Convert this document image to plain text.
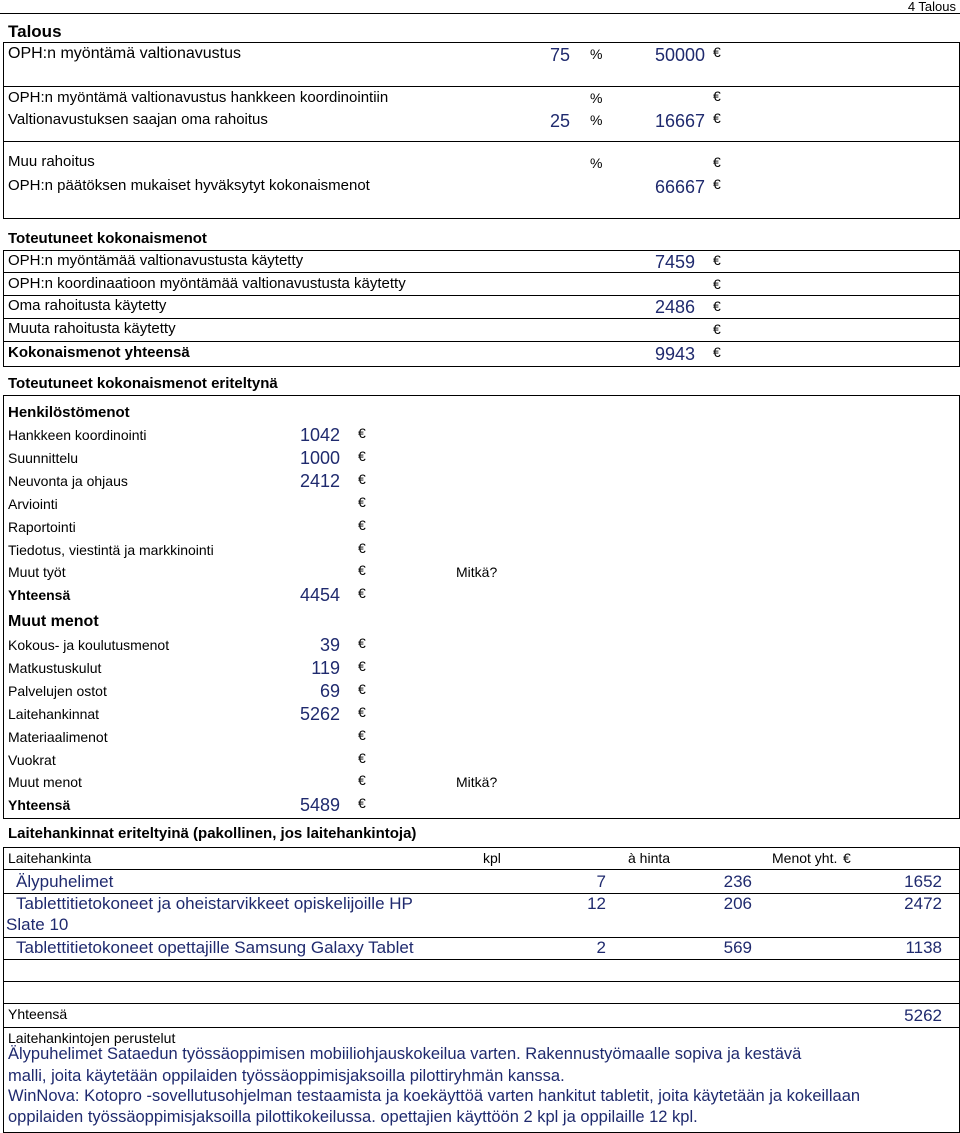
4 Talous
Talous
OPH:n myöntämä valtionavustus	75 %	50000 €
OPH:n myöntämä valtionavustus hankkeen koordinointiin	%	€
Valtionavustuksen saajan oma rahoitus	25 %	16667 €
Muu rahoitus	%	€
OPH:n päätöksen mukaiset hyväksytyt kokonaismenot	66667 €
Toteutuneet kokonaismenot
OPH:n myöntämää valtionavustusta käytetty	7459 €
OPH:n koordinaatioon myöntämää valtionavustusta käytetty	€
Oma rahoitusta käytetty	2486 €
Muuta rahoitusta käytetty	€
Kokonaismenot yhteensä	9943 €
Toteutuneet kokonaismenot eriteltynä
Henkilöstömenot
Hankkeen koordinointi	1042 €
Suunnittelu	1000 €
Neuvonta ja ohjaus	2412 €
Arviointi	€
Raportointi	€
Tiedotus, viestintä ja markkinointi	€
Muut työt	€	Mitkä?
Yhteensä	4454 €
Muut menot
Kokous- ja koulutusmenot	39 €
Matkustuskulut	119 €
Palvelujen ostot	69 €
Laitehankinnat	5262 €
Materiaalimenot	€
Vuokrat	€
Muut menot	€	Mitkä?
Yhteensä	5489 €
Laitehankinnat eriteltyinä (pakollinen, jos laitehankintoja)
Laitehankinta	kpl	à hinta	Menot yht. €
Älypuhelimet	7	236	1652
Tablettitietokoneet ja oheistarvikkeet opiskelijoille HP
Slate 10
12	206	2472
Tablettitietokoneet opettajille Samsung Galaxy Tablet	2	569	1138
Yhteensä	5262
Laitehankintojen perustelut
Älypuhelimet Sataedun työssäoppimisen mobiiliohjauskokeilua varten. Rakennustyömaalle sopiva ja kestävä
malli, joita käytetään oppilaiden työssäoppimisjaksoilla pilottiryhmän kanssa.
WinNova: Kotopro -sovellutusohjelman testaamista ja koekäyttöä varten hankitut tabletit, joita käytetään ja kokeillaan
oppilaiden työssäoppimisjaksoilla pilottikokeilussa. opettajien käyttöön 2 kpl ja oppilaille 12 kpl.
